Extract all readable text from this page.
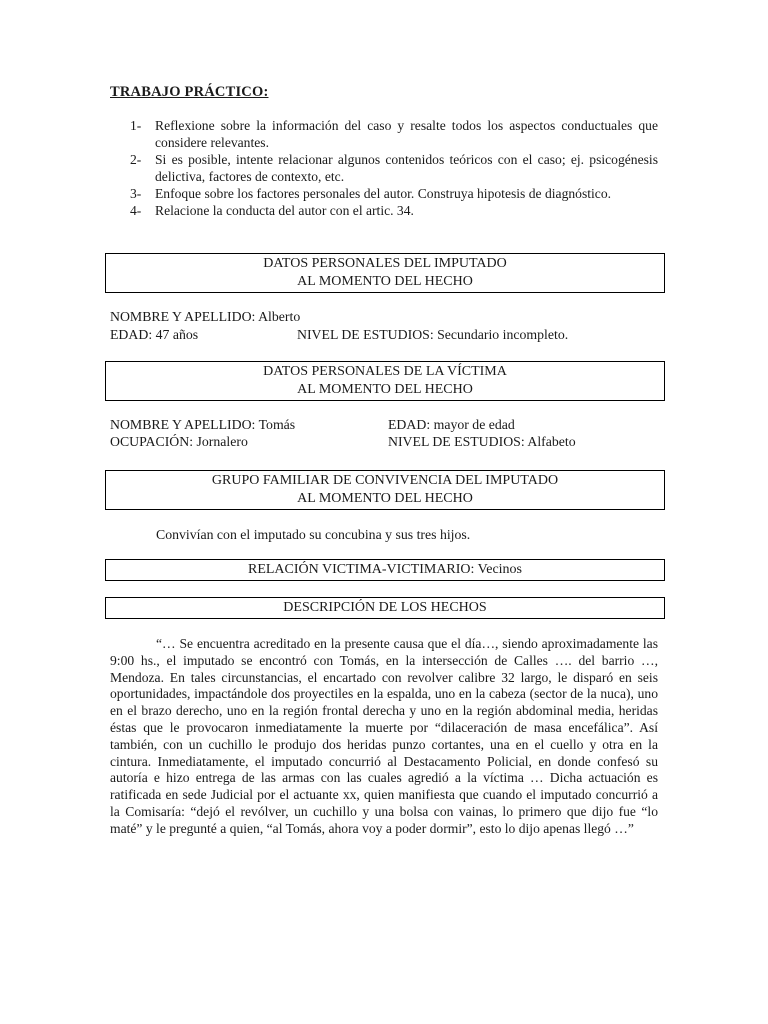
TRABAJO PRÁCTICO:
1-	Reflexione sobre la información del caso y resalte todos los aspectos conductuales que considere relevantes.
2-	Si es posible, intente relacionar algunos contenidos teóricos con el caso; ej. psicogénesis delictiva, factores de contexto, etc.
3-	Enfoque sobre los factores personales del autor. Construya hipotesis de diagnóstico.
4-	Relacione la conducta del autor con el artic. 34.
DATOS PERSONALES DEL IMPUTADO
AL MOMENTO DEL HECHO
NOMBRE Y APELLIDO: Alberto
EDAD: 47 años	NIVEL DE ESTUDIOS: Secundario incompleto.
DATOS PERSONALES DE LA VÍCTIMA
AL MOMENTO DEL HECHO
NOMBRE Y APELLIDO: Tomás	EDAD: mayor de edad
OCUPACIÓN: Jornalero	NIVEL DE ESTUDIOS: Alfabeto
GRUPO FAMILIAR DE CONVIVENCIA DEL IMPUTADO
AL MOMENTO DEL HECHO
Convivían con el imputado su concubina y sus tres hijos.
RELACIÓN VICTIMA-VICTIMARIO: Vecinos
DESCRIPCIÓN DE LOS HECHOS
“… Se encuentra acreditado en la presente causa que el día…, siendo aproximadamente las 9:00 hs., el imputado se encontró con Tomás, en la intersección de Calles …. del barrio …, Mendoza. En tales circunstancias, el encartado con revolver calibre 32 largo, le disparó en seis oportunidades, impactándole dos proyectiles en la espalda, uno en la cabeza (sector de la nuca), uno en el brazo derecho, uno en la región frontal derecha y uno en la región abdominal media, heridas éstas que le provocaron inmediatamente la muerte por “dilaceración de masa encefálica”. Así también, con un cuchillo le produjo dos heridas punzo cortantes, una en el cuello y otra en la cintura. Inmediatamente, el imputado concurrió al Destacamento Policial, en donde confesó su autoría e hizo entrega de las armas con las cuales agredió a la víctima … Dicha actuación es ratificada en sede Judicial por el actuante xx, quien manifiesta que cuando el imputado concurrió a la Comisaría: “dejó el revólver, un cuchillo y una bolsa con vainas, lo primero que dijo fue “lo maté” y le pregunté a quien, “al Tomás, ahora voy a poder dormir”, esto lo dijo apenas llegó …”
